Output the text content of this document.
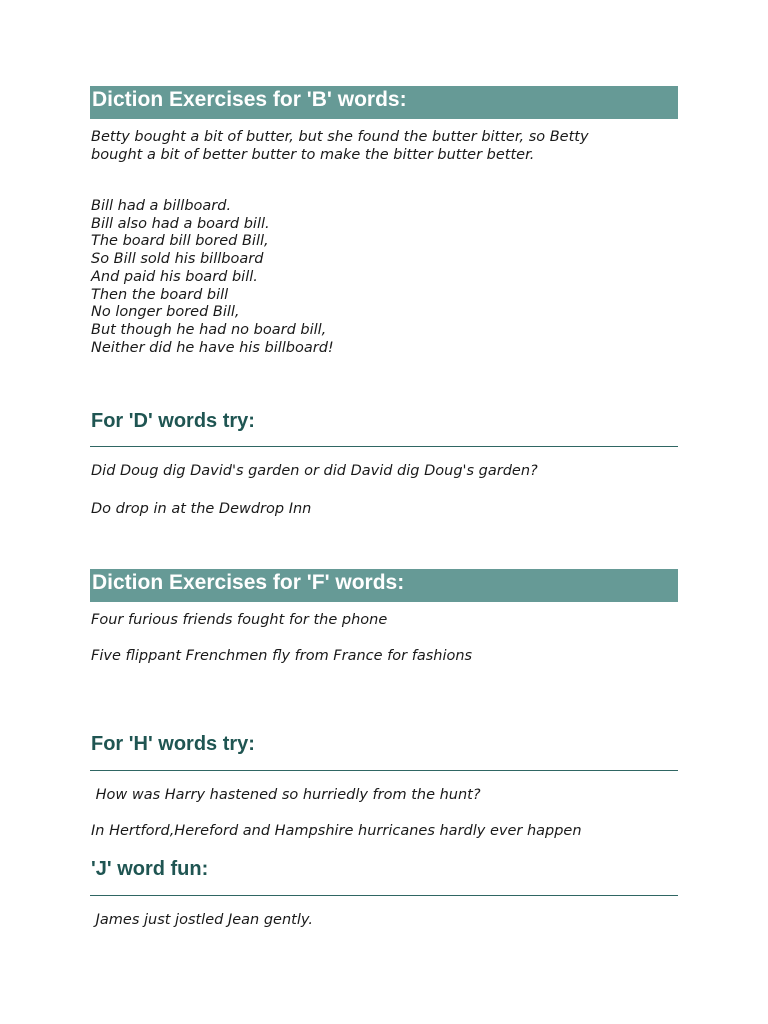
Diction Exercises for 'B' words:
Betty bought a bit of butter, but she found the butter bitter, so Betty
bought a bit of better butter to make the bitter butter better.
Bill had a billboard.
Bill also had a board bill.
The board bill bored Bill,
So Bill sold his billboard
And paid his board bill.
Then the board bill
No longer bored Bill,
But though he had no board bill,
Neither did he have his billboard!
For 'D' words try:

Did Doug dig David's garden or did David dig Doug's garden?

Do drop in at the Dewdrop Inn

Diction Exercises for 'F' words:

Four furious friends fought for the phone

Five flippant Frenchmen fly from France for fashions

For 'H' words try:

How was Harry hastened so hurriedly from the hunt?

In Hertford,Hereford and Hampshire hurricanes hardly ever happen

'J' word fun:

James just jostled Jean gently.
